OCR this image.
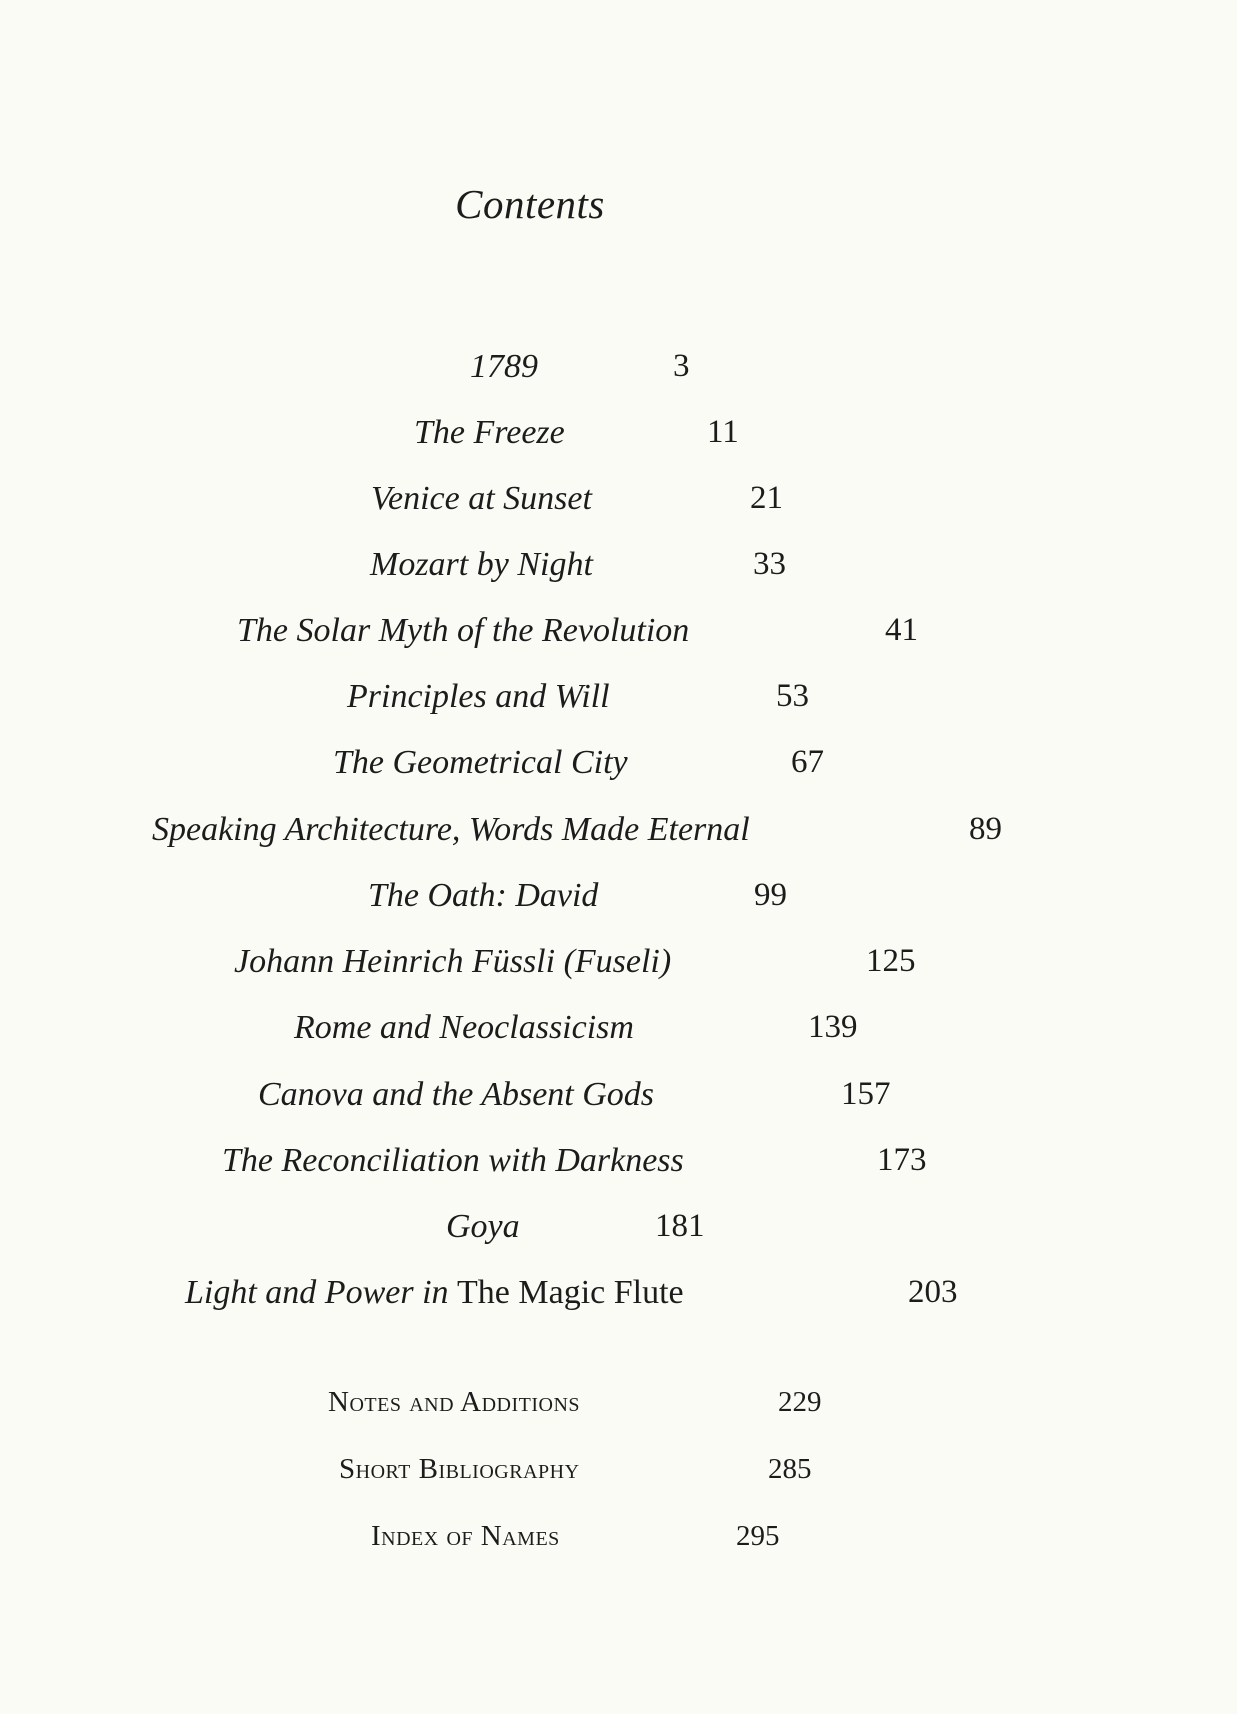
Contents
1789	3
The Freeze	11
Venice at Sunset	21
Mozart by Night	33
The Solar Myth of the Revolution	41
Principles and Will	53
The Geometrical City	67
Speaking Architecture, Words Made Eternal	89
The Oath: David	99
Johann Heinrich Füssli (Fuseli)	125
Rome and Neoclassicism	139
Canova and the Absent Gods	157
The Reconciliation with Darkness	173
Goya	181
Light and Power in The Magic Flute	203
Notes and Additions	229
Short Bibliography	285
Index of Names	295
